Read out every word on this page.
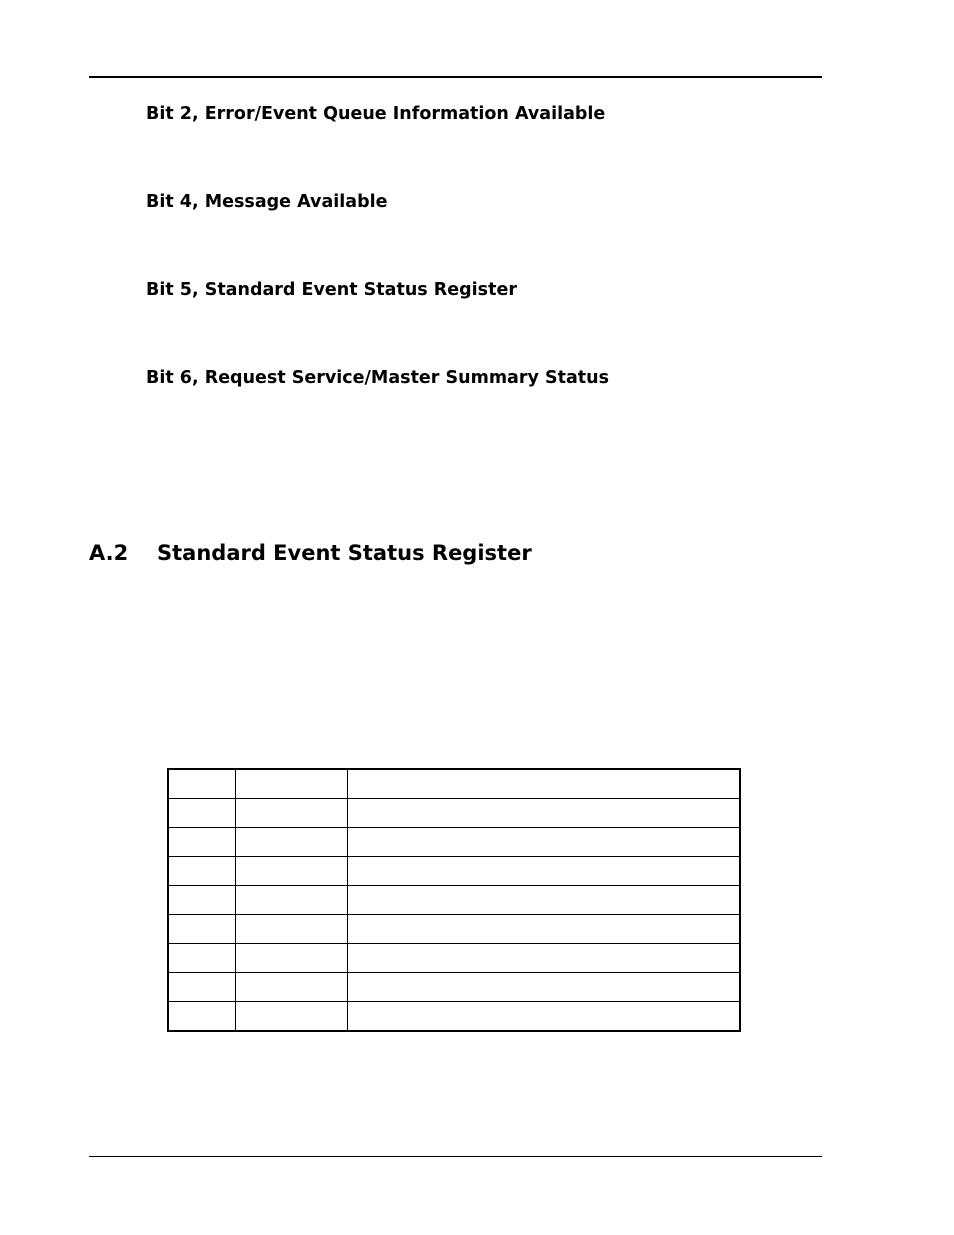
Bit 2, Error/Event Queue Information Available
Bit 4, Message Available
Bit 5, Standard Event Status Register
Bit 6, Request Service/Master Summary Status
A.2 Standard Event Status Register
